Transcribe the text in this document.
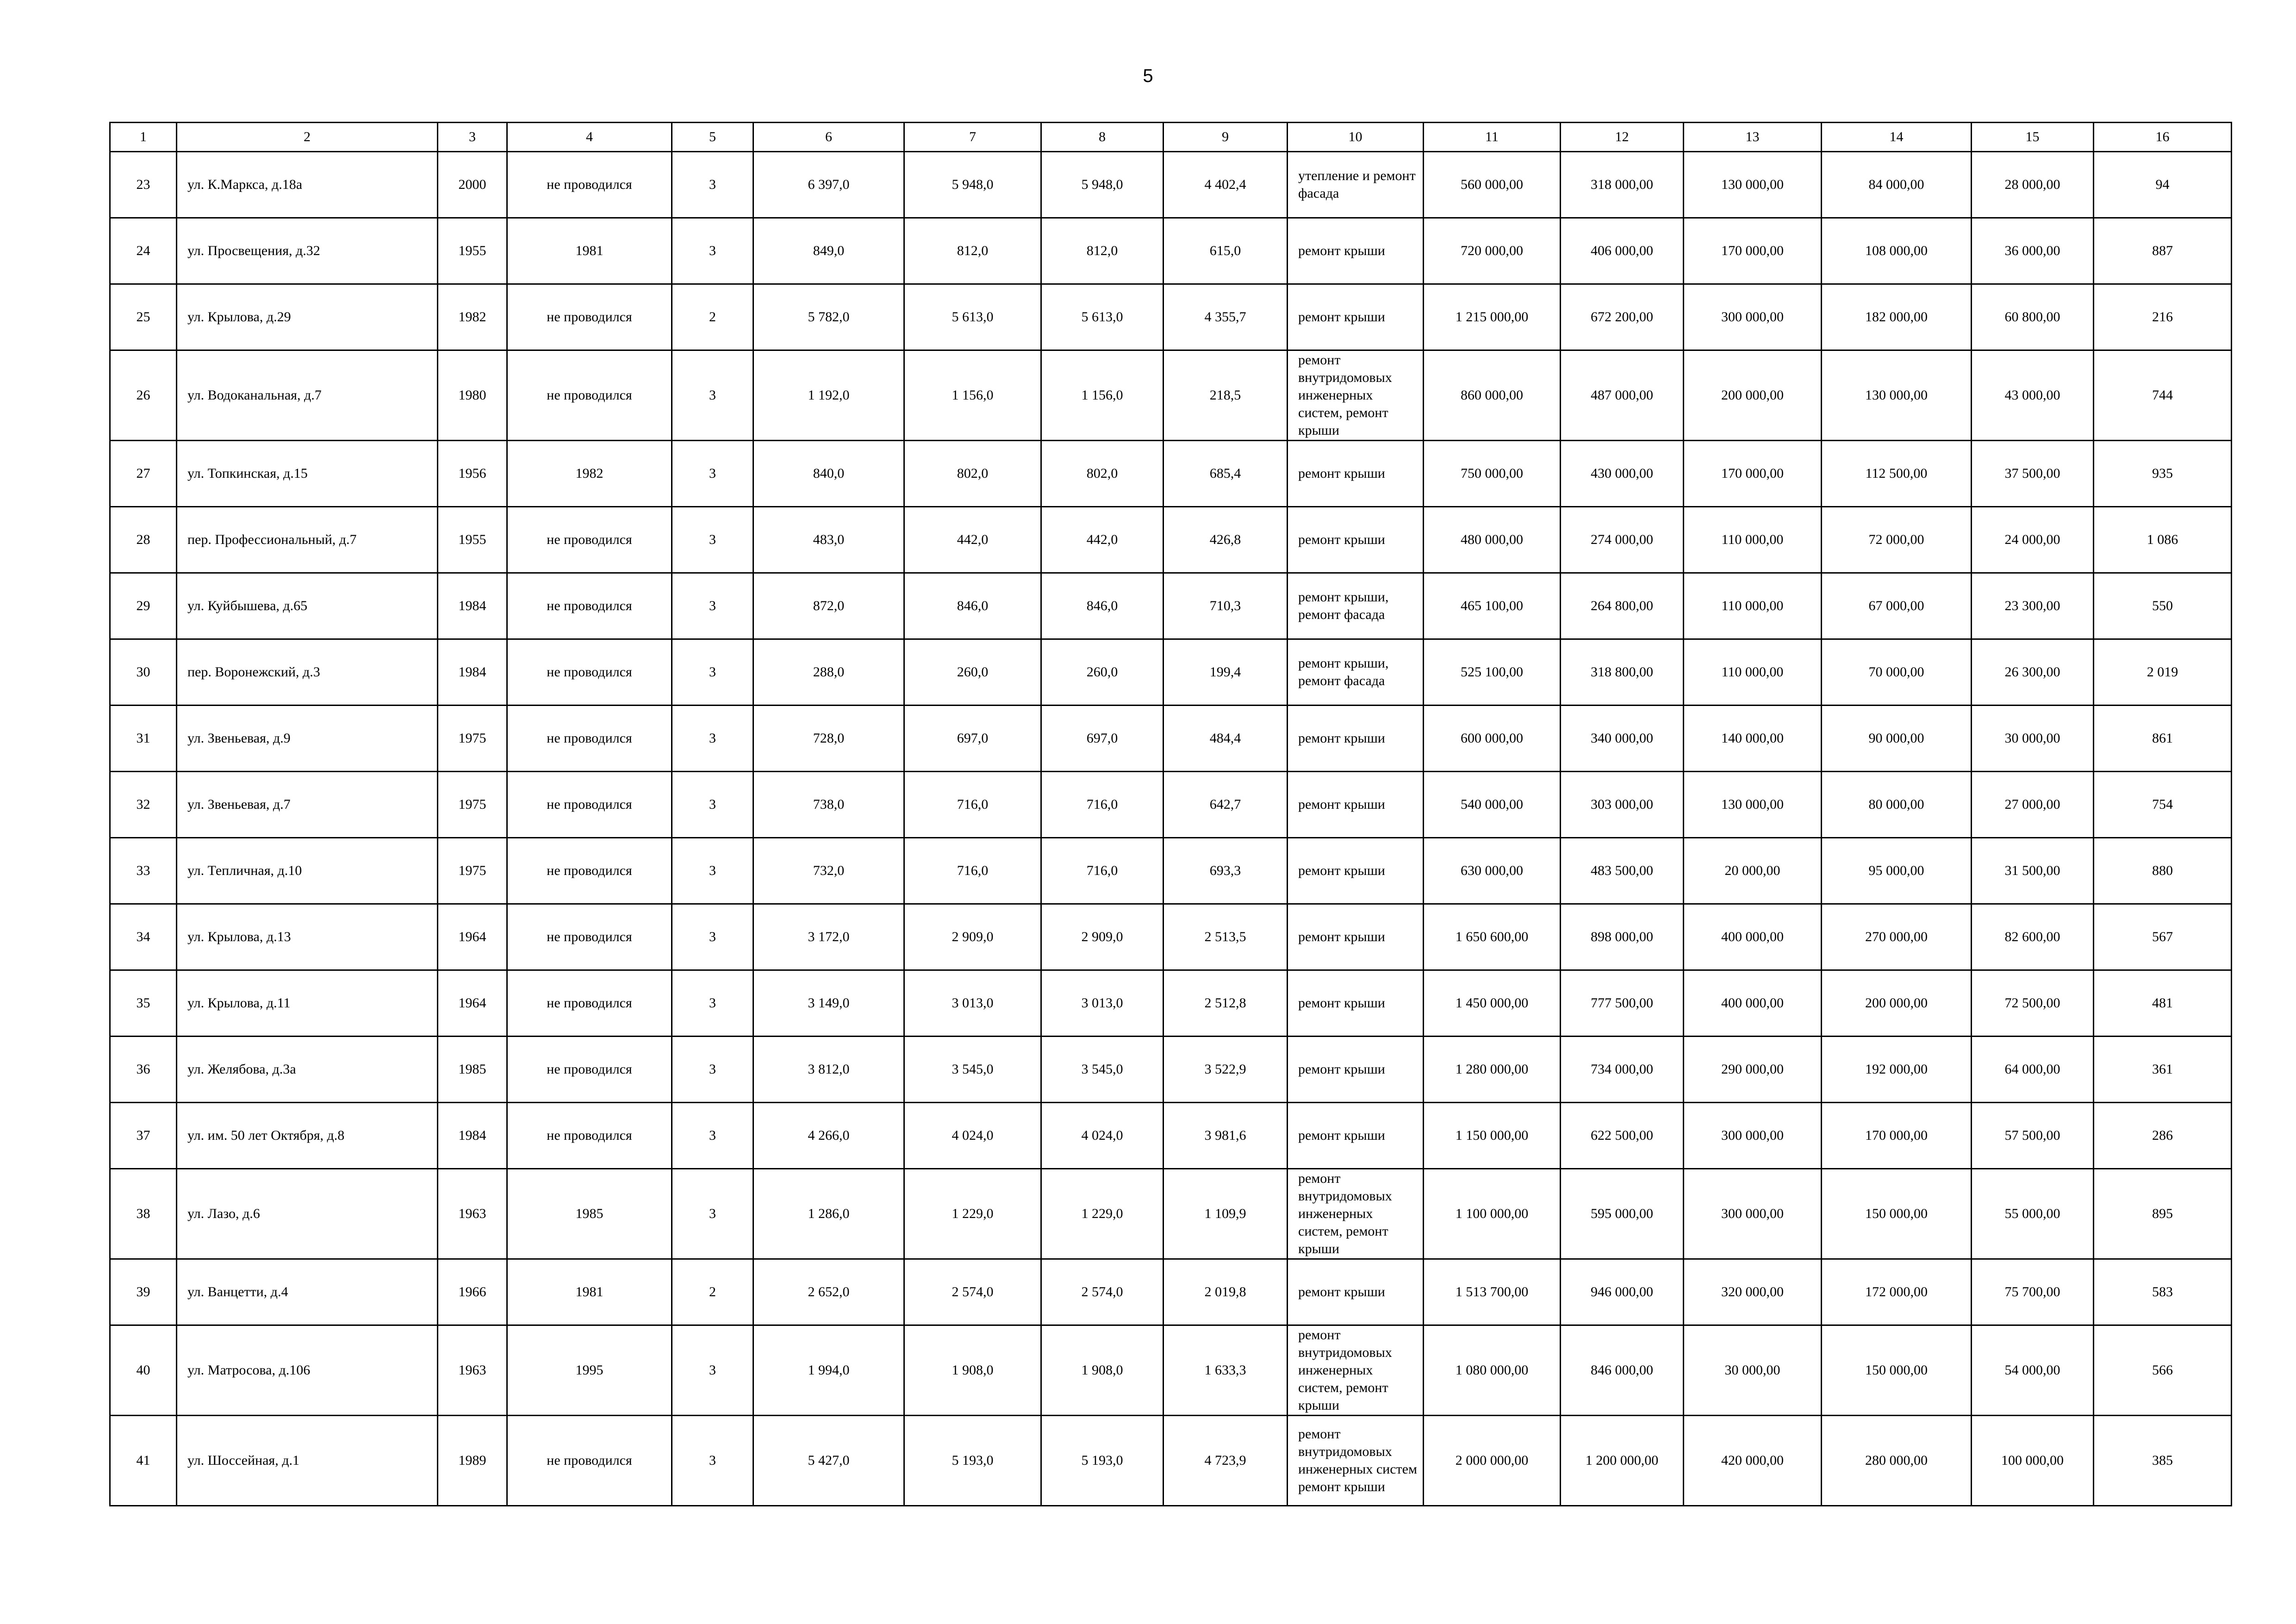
5
1	2	3	4	5	6	7	8	9	10	11	12	13	14	15	16
23	ул. К.Маркса, д.18а	2000	не проводился	3	6 397,0	5 948,0	5 948,0	4 402,4	утепление и ремонт фасада	560 000,00	318 000,00	130 000,00	84 000,00	28 000,00	94
24	ул. Просвещения, д.32	1955	1981	3	849,0	812,0	812,0	615,0	ремонт крыши	720 000,00	406 000,00	170 000,00	108 000,00	36 000,00	887
25	ул. Крылова, д.29	1982	не проводился	2	5 782,0	5 613,0	5 613,0	4 355,7	ремонт крыши	1 215 000,00	672 200,00	300 000,00	182 000,00	60 800,00	216
26	ул. Водоканальная, д.7	1980	не проводился	3	1 192,0	1 156,0	1 156,0	218,5	ремонт внутридомовых инженерных систем, ремонт крыши	860 000,00	487 000,00	200 000,00	130 000,00	43 000,00	744
27	ул. Топкинская, д.15	1956	1982	3	840,0	802,0	802,0	685,4	ремонт крыши	750 000,00	430 000,00	170 000,00	112 500,00	37 500,00	935
28	пер. Профессиональный, д.7	1955	не проводился	3	483,0	442,0	442,0	426,8	ремонт крыши	480 000,00	274 000,00	110 000,00	72 000,00	24 000,00	1 086
29	ул. Куйбышева, д.65	1984	не проводился	3	872,0	846,0	846,0	710,3	ремонт крыши, ремонт фасада	465 100,00	264 800,00	110 000,00	67 000,00	23 300,00	550
30	пер. Воронежский, д.3	1984	не проводился	3	288,0	260,0	260,0	199,4	ремонт крыши, ремонт фасада	525 100,00	318 800,00	110 000,00	70 000,00	26 300,00	2 019
31	ул. Звеньевая, д.9	1975	не проводился	3	728,0	697,0	697,0	484,4	ремонт крыши	600 000,00	340 000,00	140 000,00	90 000,00	30 000,00	861
32	ул. Звеньевая, д.7	1975	не проводился	3	738,0	716,0	716,0	642,7	ремонт крыши	540 000,00	303 000,00	130 000,00	80 000,00	27 000,00	754
33	ул. Тепличная, д.10	1975	не проводился	3	732,0	716,0	716,0	693,3	ремонт крыши	630 000,00	483 500,00	20 000,00	95 000,00	31 500,00	880
34	ул. Крылова, д.13	1964	не проводился	3	3 172,0	2 909,0	2 909,0	2 513,5	ремонт крыши	1 650 600,00	898 000,00	400 000,00	270 000,00	82 600,00	567
35	ул. Крылова, д.11	1964	не проводился	3	3 149,0	3 013,0	3 013,0	2 512,8	ремонт крыши	1 450 000,00	777 500,00	400 000,00	200 000,00	72 500,00	481
36	ул. Желябова, д.3а	1985	не проводился	3	3 812,0	3 545,0	3 545,0	3 522,9	ремонт крыши	1 280 000,00	734 000,00	290 000,00	192 000,00	64 000,00	361
37	ул. им. 50 лет Октября, д.8	1984	не проводился	3	4 266,0	4 024,0	4 024,0	3 981,6	ремонт крыши	1 150 000,00	622 500,00	300 000,00	170 000,00	57 500,00	286
38	ул. Лазо, д.6	1963	1985	3	1 286,0	1 229,0	1 229,0	1 109,9	ремонт внутридомовых инженерных систем, ремонт крыши	1 100 000,00	595 000,00	300 000,00	150 000,00	55 000,00	895
39	ул. Ванцетти, д.4	1966	1981	2	2 652,0	2 574,0	2 574,0	2 019,8	ремонт крыши	1 513 700,00	946 000,00	320 000,00	172 000,00	75 700,00	583
40	ул. Матросова, д.106	1963	1995	3	1 994,0	1 908,0	1 908,0	1 633,3	ремонт внутридомовых инженерных систем, ремонт крыши	1 080 000,00	846 000,00	30 000,00	150 000,00	54 000,00	566
41	ул. Шоссейная, д.1	1989	не проводился	3	5 427,0	5 193,0	5 193,0	4 723,9	ремонт внутридомовых инженерных систем ремонт крыши	2 000 000,00	1 200 000,00	420 000,00	280 000,00	100 000,00	385
